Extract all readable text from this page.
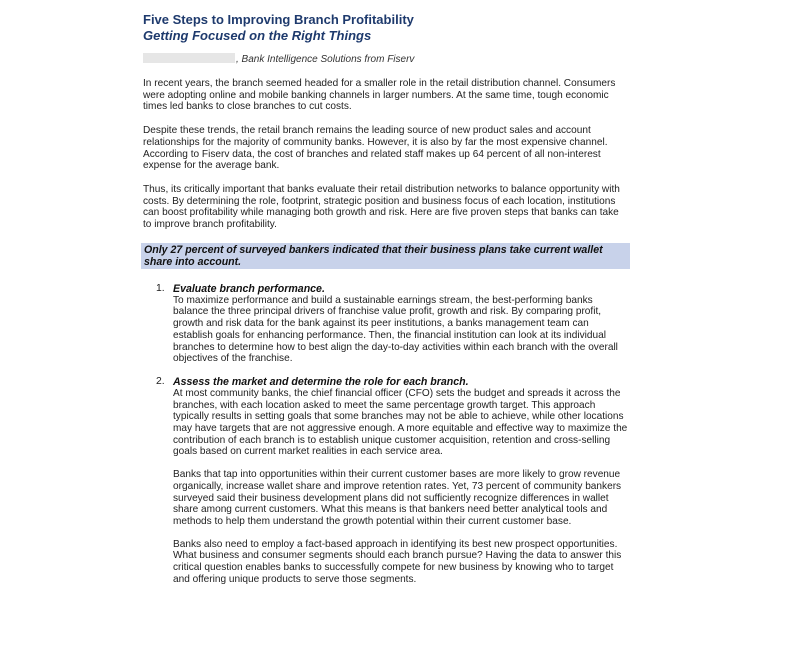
Five Steps to Improving Branch Profitability
Getting Focused on the Right Things
, Bank Intelligence Solutions from Fiserv

In recent years, the branch seemed headed for a smaller role in the retail distribution channel. Consumers were adopting online and mobile banking channels in larger numbers. At the same time, tough economic times led banks to close branches to cut costs.

Despite these trends, the retail branch remains the leading source of new product sales and account relationships for the majority of community banks. However, it is also by far the most expensive channel. According to Fiserv data, the cost of branches and related staff makes up 64 percent of all non-interest expense for the average bank.

Thus, its critically important that banks evaluate their retail distribution networks to balance opportunity with costs. By determining the role, footprint, strategic position and business focus of each location, institutions can boost profitability while managing both growth and risk. Here are five proven steps that banks can take to improve branch profitability.

Only 27 percent of surveyed bankers indicated that their business plans take current wallet share into account.
1. Evaluate branch performance.

To maximize performance and build a sustainable earnings stream, the best-performing banks balance the three principal drivers of franchise value profit, growth and risk. By comparing profit, growth and risk data for the bank against its peer institutions, a banks management team can establish goals for enhancing performance. Then, the financial institution can look at its individual branches to determine how to best align the day-to-day activities within each branch with the overall objectives of the franchise.

2. Assess the market and determine the role for each branch.

At most community banks, the chief financial officer (CFO) sets the budget and spreads it across the branches, with each location asked to meet the same percentage growth target. This approach typically results in setting goals that some branches may not be able to achieve, while other locations may have targets that are not aggressive enough. A more equitable and effective way to maximize the contribution of each branch is to establish unique customer acquisition, retention and cross-selling goals based on current market realities in each service area.

Banks that tap into opportunities within their current customer bases are more likely to grow revenue organically, increase wallet share and improve retention rates. Yet, 73 percent of community bankers surveyed said their business development plans did not sufficiently recognize differences in wallet share among current customers. What this means is that bankers need better analytical tools and methods to help them understand the growth potential within their current customer base.

Banks also need to employ a fact-based approach in identifying its best new prospect opportunities. What business and consumer segments should each branch pursue? Having the data to answer this critical question enables banks to successfully compete for new business by knowing who to target and offering unique products to serve those segments.
